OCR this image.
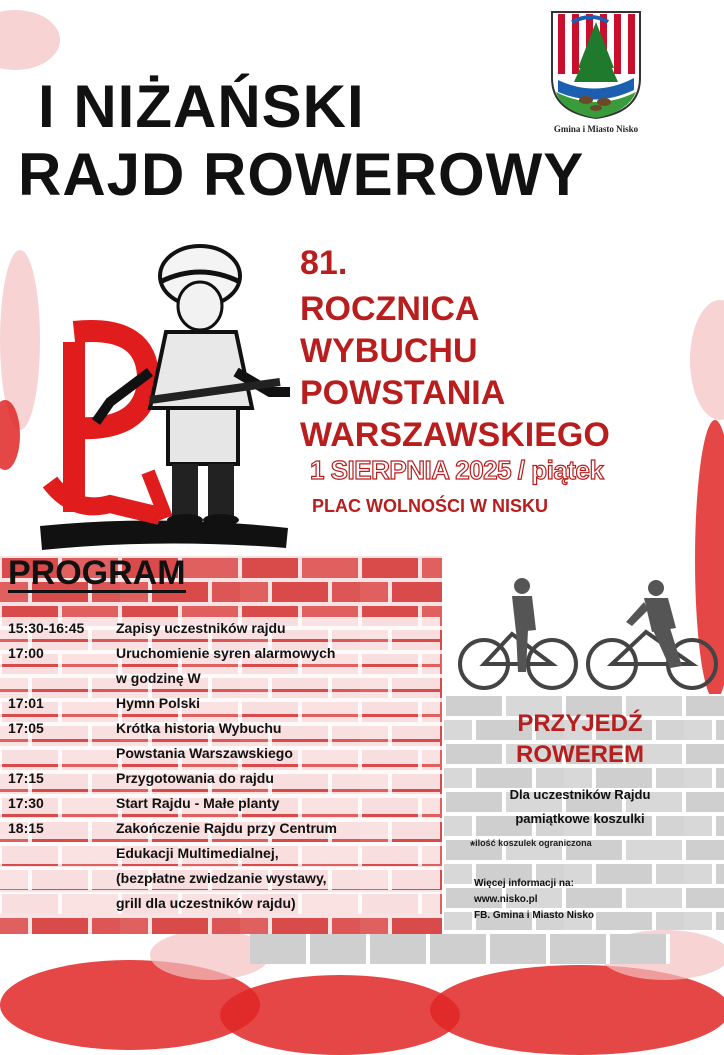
I NIŻAŃSKI
RAJD ROWEROWY
Gmina i Miasto Nisko
81.
ROCZNICA
WYBUCHU
POWSTANIA
WARSZAWSKIEGO
1 SIERPNIA 2025 / piątek
PLAC WOLNOŚCI W NISKU
PROGRAM
15:30-16:45 Zapisy uczestników rajdu
17:00	Uruchomienie syren alarmowych
w godzinę W
17:01	Hymn Polski
17:05	Krótka historia Wybuchu
Powstania Warszawskiego
17:15	Przygotowania do rajdu
17:30	Start Rajdu - Małe planty
18:15	Zakończenie Rajdu przy Centrum
Edukacji Multimedialnej,
(bezpłatne zwiedzanie wystawy,
grill dla uczestników rajdu)
PRZYJEDŹ
ROWEREM
Dla uczestników Rajdu
pamiątkowe koszulki
*ilość koszulek ograniczona
Więcej informacji na:
www.nisko.pl
FB. Gmina i Miasto Nisko
